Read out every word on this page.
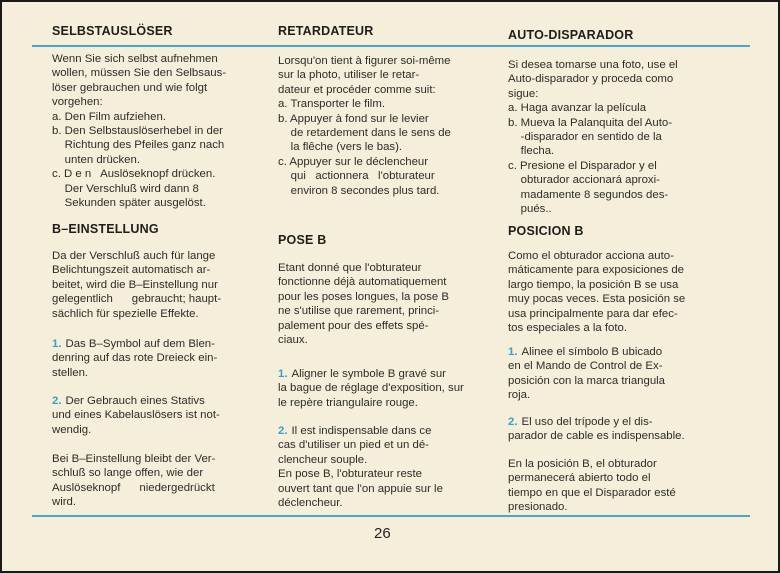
SELBSTAUSLÖSER
Wenn Sie sich selbst aufnehmen
wollen, müssen Sie den Selbsaus-
löser gebrauchen und wie folgt
vorgehen:
a. Den Film aufziehen.
b. Den Selbstauslöserhebel in der
Richtung des Pfeiles ganz nach
unten drücken.
c. D e n   Auslöseknopf drücken.
Der Verschluß wird dann 8
Sekunden später ausgelöst.
B–EINSTELLUNG
Da der Verschluß auch für lange
Belichtungszeit automatisch ar-
beitet, wird die B–Einstellung nur
gelegentlich      gebraucht; haupt-
sächlich für spezielle Effekte.
1. Das B–Symbol auf dem Blen-
denring auf das rote Dreieck ein-
stellen.
2. Der Gebrauch eines Stativs
und eines Kabelauslösers ist not-
wendig.
Bei B–Einstellung bleibt der Ver-
schluß so lange offen, wie der
Auslöseknopf      niedergedrückt
wird.
RETARDATEUR
Lorsqu'on tient à figurer soi-même
sur la photo, utiliser le retar-
dateur et procéder comme suit:
a. Transporter le film.
b. Appuyer à fond sur le levier
de retardement dans le sens de
la flêche (vers le bas).
c. Appuyer sur le déclencheur
qui   actionnera   l'obturateur
environ 8 secondes plus tard.
POSE B
Etant donné que l'obturateur
fonctionne déjà automatiquement
pour les poses longues, la pose B
ne s'utilise que rarement, princi-
palement pour des effets spé-
ciaux.
1. Aligner le symbole B gravé sur
la bague de réglage d'exposition, sur
le repère triangulaire rouge.
2. Il est indispensable dans ce
cas d'utiliser un pied et un dé-
clencheur souple.
En pose B, l'obturateur reste
ouvert tant que l'on appuie sur le
déclencheur.
AUTO-DISPARADOR
Si desea tomarse una foto, use el
Auto-disparador y proceda como
sigue:
a. Haga avanzar la película
b. Mueva la Palanquita del Auto-
-disparador en sentido de la
flecha.
c. Presione el Disparador y el
obturador accionará aproxi-
madamente 8 segundos des-
pués..
POSICION B
Como el obturador acciona auto-
máticamente para exposiciones de
largo tiempo, la posición B se usa
muy pocas veces. Esta posición se
usa principalmente para dar efec-
tos especiales a la foto.
1. Alinee el símbolo B ubicado
en el Mando de Control de Ex-
posición con la marca triangula
roja.
2. El uso del trípode y el dis-
parador de cable es indispensable.
En la posición B, el obturador
permanecerá abierto todo el
tiempo en que el Disparador esté
presionado.
26
